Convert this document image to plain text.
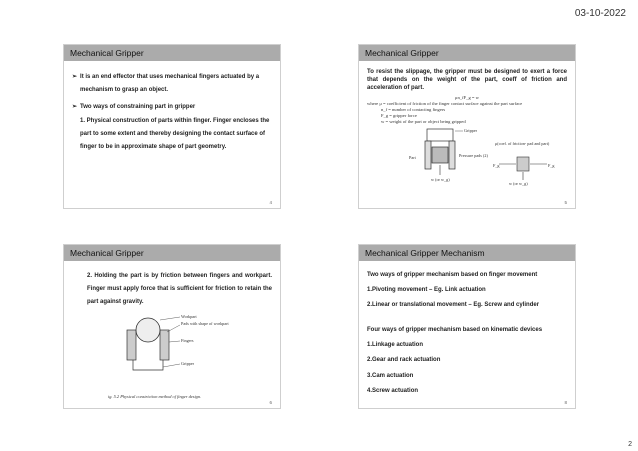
03-10-2022
Mechanical Gripper
➢ It is an end effector that uses mechanical fingers actuated by a mechanism to grasp an object.
➢ Two ways of constraining part in gripper

1. Physical construction of parts within finger. Finger encloses the part to some extent and thereby designing the contact surface of finger to be in approximate shape of part geometry.

4
Mechanical Gripper

To resist the slippage, the gripper must be designed to exert a force that depends on the weight of the part, coeff of friction and acceleration of part.

μn_fF_g = w
where μ = coefficient of friction of the finger contact surface against the part surface
n_f = number of contacting fingers
F_g = gripper force
w = weight of the part or object being gripped
Gripper
Part	Pressure pads (2)
w (or w_g)
μ(coef. of friction- pad and part)
F_g	F_g
w (or w_g)
5
Mechanical Gripper

2. Holding the part is by friction between fingers and workpart. Finger must apply force that is sufficient for friction to retain the part against gravity.

Workpart
Pads with shape of workpart
Fingers
Gripper
ig. 5.2 Physical constriction method of finger design.
6
Mechanical Gripper Mechanism

Two ways of gripper mechanism based on finger movement

1.Pivoting movement – Eg. Link actuation

2.Linear or translational movement – Eg. Screw and cylinder

Four ways of gripper mechanism based on kinematic devices

1.Linkage actuation

2.Gear and rack actuation

3.Cam actuation

4.Screw actuation

8
2
